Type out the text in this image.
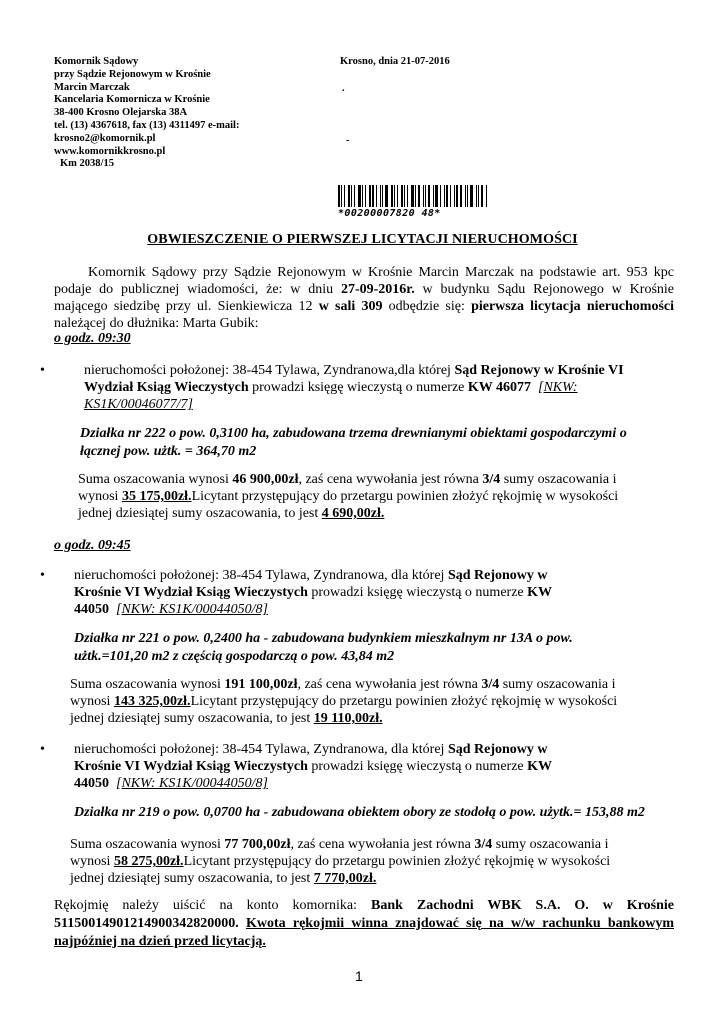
Komornik Sądowy
przy Sądzie Rejonowym w Krośnie
Marcin Marczak
Kancelaria Komornicza w Krośnie
38-400 Krosno Olejarska 38A
tel. (13) 4367618, fax (13) 4311497 e-mail:
krosno2@komornik.pl
www.komornikkrosno.pl
Km 2038/15
Krosno, dnia 21-07-2016
.
-
*00200007820 48*
OBWIESZCZENIE O PIERWSZEJ LICYTACJI NIERUCHOMOŚCI
Komornik Sądowy przy Sądzie Rejonowym w Krośnie Marcin Marczak na podstawie art. 953 kpc podaje do publicznej wiadomości, że: w dniu 27-09-2016r. w budynku Sądu Rejonowego w Krośnie mającego siedzibę przy ul. Sienkiewicza 12 w sali 309 odbędzie się: pierwsza licytacja nieruchomości należącej do dłużnika: Marta Gubik:
o godz. 09:30
•	nieruchomości położonej: 38-454 Tylawa, Zyndranowa,dla której Sąd Rejonowy w Krośnie VI Wydział Ksiąg Wieczystych prowadzi księgę wieczystą o numerze KW 46077 [NKW: KS1K/00046077/7]
Działka nr 222 o pow. 0,3100 ha, zabudowana trzema drewnianymi obiektami gospodarczymi o łącznej pow. użtk. = 364,70 m2
Suma oszacowania wynosi 46 900,00zł, zaś cena wywołania jest równa 3/4 sumy oszacowania i wynosi 35 175,00zł.Licytant przystępujący do przetargu powinien złożyć rękojmię w wysokości jednej dziesiątej sumy oszacowania, to jest 4 690,00zł.
o godz. 09:45
• nieruchomości położonej: 38-454 Tylawa, Zyndranowa, dla której Sąd Rejonowy w Krośnie VI Wydział Ksiąg Wieczystych prowadzi księgę wieczystą o numerze KW 44050 [NKW: KS1K/00044050/8]
Działka nr 221 o pow. 0,2400 ha - zabudowana budynkiem mieszkalnym nr 13A o pow. użtk.=101,20 m2 z częścią gospodarczą o pow. 43,84 m2
Suma oszacowania wynosi 191 100,00zł, zaś cena wywołania jest równa 3/4 sumy oszacowania i wynosi 143 325,00zł.Licytant przystępujący do przetargu powinien złożyć rękojmię w wysokości jednej dziesiątej sumy oszacowania, to jest 19 110,00zł.
• nieruchomości położonej: 38-454 Tylawa, Zyndranowa, dla której Sąd Rejonowy w Krośnie VI Wydział Ksiąg Wieczystych prowadzi księgę wieczystą o numerze KW 44050 [NKW: KS1K/00044050/8]
Działka nr 219 o pow. 0,0700 ha - zabudowana obiektem obory ze stodołą o pow. użytk.= 153,88 m2
Suma oszacowania wynosi 77 700,00zł, zaś cena wywołania jest równa 3/4 sumy oszacowania i wynosi 58 275,00zł.Licytant przystępujący do przetargu powinien złożyć rękojmię w wysokości jednej dziesiątej sumy oszacowania, to jest 7 770,00zł.
Rękojmię należy uiścić na konto komornika: Bank Zachodni WBK S.A. O. w Krośnie 51150014901214900342820000. Kwota rękojmii winna znajdować się na w/w rachunku bankowym najpóźniej na dzień przed licytacją.
1
